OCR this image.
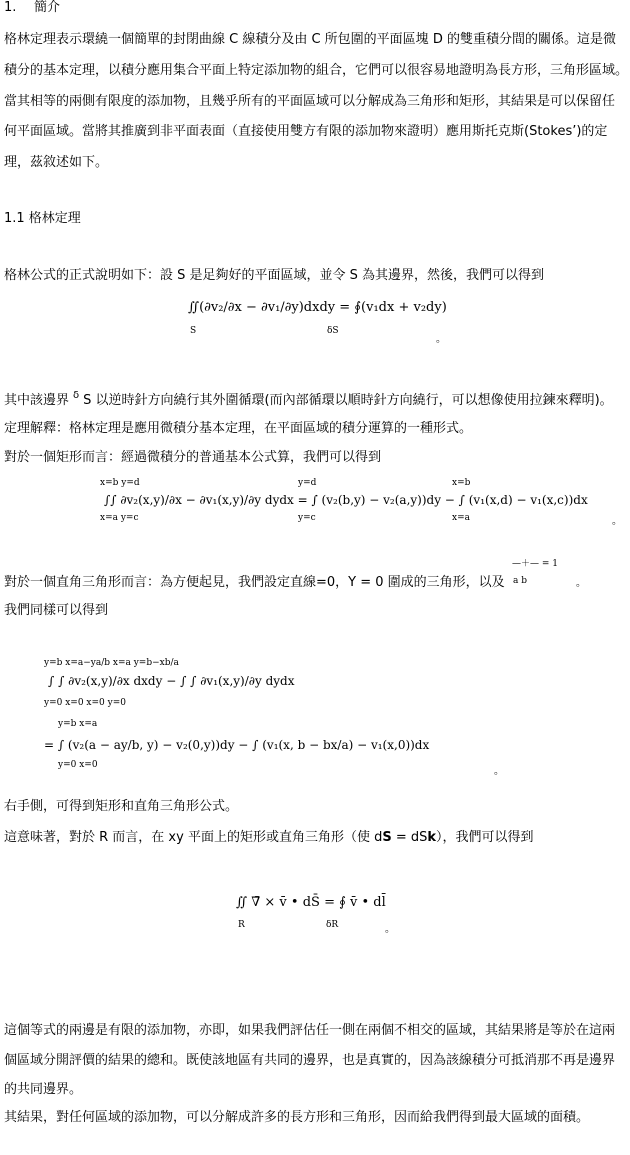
1. 簡介
格林定理表示環繞一個簡單的封閉曲線 C 線積分及由 C 所包圍的平面區塊 D 的雙重積分間的關係。這是微
積分的基本定理，以積分應用集合平面上特定添加物的組合，它們可以很容易地證明為長方形，三角形區域。
當其相等的兩側有限度的添加物，且幾乎所有的平面區域可以分解成為三角形和矩形，其結果是可以保留任
何平面區域。當將其推廣到非平面表面（直接使用雙方有限的添加物來證明）應用斯托克斯(Stokes’)的定
理，茲敘述如下。
1.1 格林定理
格林公式的正式說明如下：設 S 是足夠好的平面區域，並令 S 為其邊界，然後，我們可以得到
∬(∂v₂/∂x − ∂v₁/∂y)dxdy = ∮(v₁dx + v₂dy)
S	δS
。
其中該邊界 $^\delta$ S 以逆時針方向繞行其外圍循環(而內部循環以順時針方向繞行，可以想像使用拉鍊來釋明)。
定理解釋：格林定理是應用微積分基本定理，在平面區域的積分運算的一種形式。
對於一個矩形而言：經過微積分的普通基本公式算，我們可以得到
x=b y=d
∫∫ ∂v₂(x,y)/∂x − ∂v₁(x,y)/∂y dydx = ∫ (v₂(b,y) − v₂(a,y))dy − ∫ (v₁(x,d) − v₁(x,c))dx
x=a y=c
y=d
y=c
x=b
x=a	。
對於一個直角三角形而言：為方便起見，我們設定直線=0，Y = 0 圍成的三角形，以及
—＋— = 1
a b	。
我們同樣可以得到
y=b x=a−ya/b x=a y=b−xb/a
∫ ∫ ∂v₂(x,y)/∂x dxdy − ∫ ∫ ∂v₁(x,y)/∂y dydx
y=0 x=0 x=0 y=0
y=b x=a
= ∫ (v₂(a − ay/b, y) − v₂(0,y))dy − ∫ (v₁(x, b − bx/a) − v₁(x,0))dx
y=0 x=0
。
右手側，可得到矩形和直角三角形公式。
這意味著，對於 R 而言，在 xy 平面上的矩形或直角三角形（使 dS = dSk），我們可以得到
∬ ∇̄ × v̄ • dS̄ = ∮ v̄ • dl̄
R	δR	。
這個等式的兩邊是有限的添加物，亦即，如果我們評估任一側在兩個不相交的區域，其結果將是等於在這兩
個區域分開評價的結果的總和。既使該地區有共同的邊界，也是真實的，因為該線積分可抵消那不再是邊界
的共同邊界。
其結果，對任何區域的添加物，可以分解成許多的長方形和三角形，因而給我們得到最大區域的面積。
